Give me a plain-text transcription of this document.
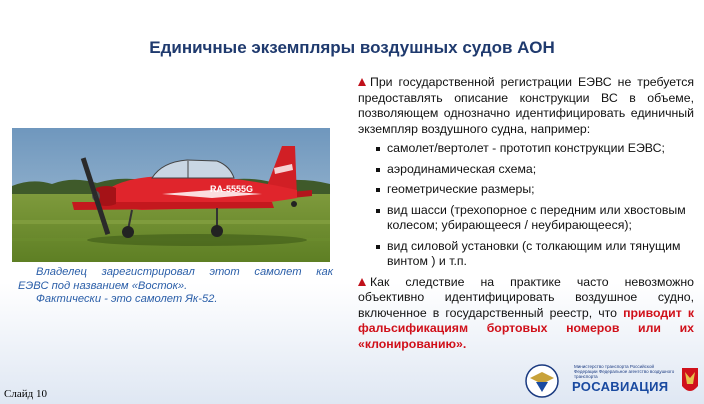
Единичные экземпляры воздушных судов АОН
RA-5555G
Владелец зарегистрировал этот самолет как
ЕЭВС под названием «Восток».
Фактически - это самолет Як-52.
При государственной регистрации ЕЭВС не требуется предоставлять описание конструкции ВС в объеме, позволяющем однозначно идентифицировать единичный экземпляр воздушного судна, например:
самолет/вертолет - прототип конструкции ЕЭВС;
аэродинамическая схема;
геометрические размеры;
вид шасси (трехопорное с передним или хвостовым колесом; убирающееся / неубирающееся);
вид силовой установки (с толкающим или тянущим винтом ) и т.п.
Как следствие на практике часто невозможно объективно идентифицировать воздушное судно, включенное в государственный реестр, что приводит к фальсификациям бортовых номеров или их «клонированию».
Слайд 10
Министерство транспорта Российской Федерации Федеральное агентство воздушного транспорта
РОСАВИАЦИЯ
